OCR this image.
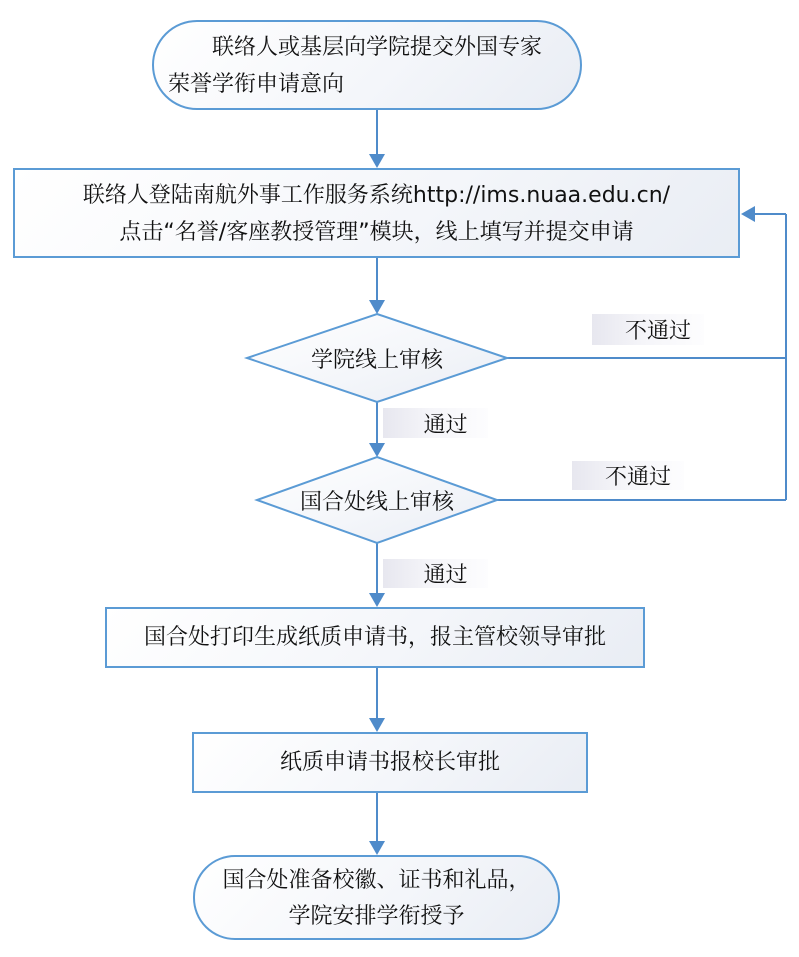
联络人或基层向学院提交外国专家
荣誉学衔申请意向
联络人登陆南航外事工作服务系统http://ims.nuaa.edu.cn/
点击“名誉/客座教授管理”模块，线上填写并提交申请
学院线上审核
国合处线上审核
不通过
通过
不通过
通过
国合处打印生成纸质申请书，报主管校领导审批
纸质申请书报校长审批
国合处准备校徽、证书和礼品，
学院安排学衔授予
